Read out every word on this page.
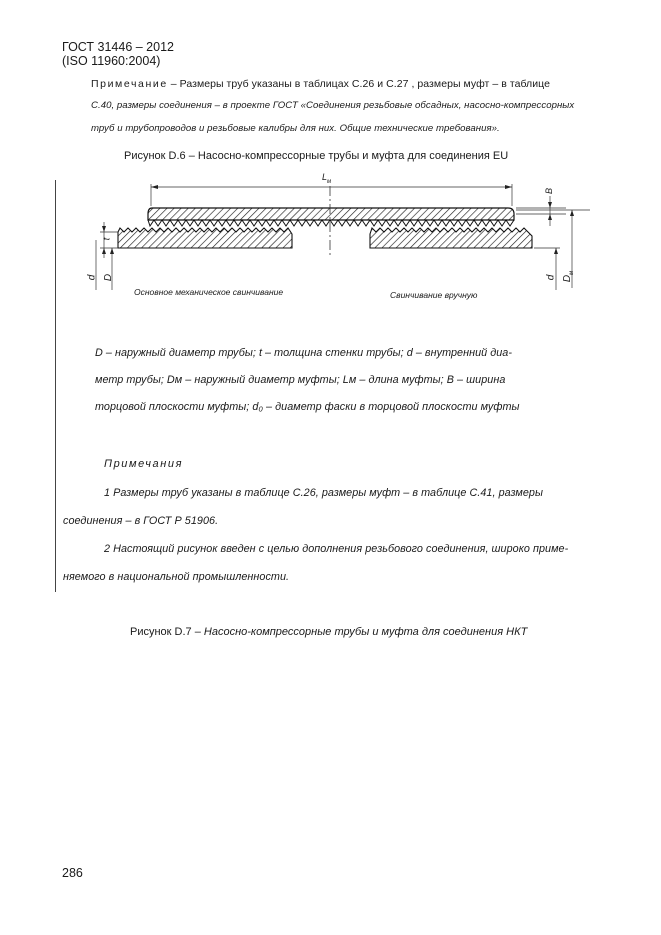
ГОСТ 31446 – 2012
(ISO 11960:2004)
Примечание – Размеры труб указаны в таблицах С.26 и С.27 , размеры муфт – в таблице
С.40, размеры соединения – в проекте ГОСТ «Соединения резьбовые обсадных, насосно-компрессорных
труб и трубопроводов и резьбовые калибры для них. Общие технические требования».
Рисунок D.6 – Насосно-компрессорные трубы и муфта для соединения EU
$L_м$
B
t
d D	d $D_м$
Основное механическое свинчивание	Свинчивание вручную
D – наружный диаметр трубы; t – толщина стенки трубы; d – внутренний диа-
метр трубы; Dм – наружный диаметр муфты; Lм – длина муфты; B – ширина
торцовой плоскости муфты; d₀ – диаметр фаски в торцовой плоскости муфты
Примечания
1 Размеры труб указаны в таблице С.26, размеры муфт – в таблице С.41, размеры
соединения – в ГОСТ Р 51906.
2 Настоящий рисунок введен с целью дополнения резьбового соединения, широко приме-
няемого в национальной промышленности.
Рисунок D.7 – Насосно-компрессорные трубы и муфта для соединения НКТ
286
